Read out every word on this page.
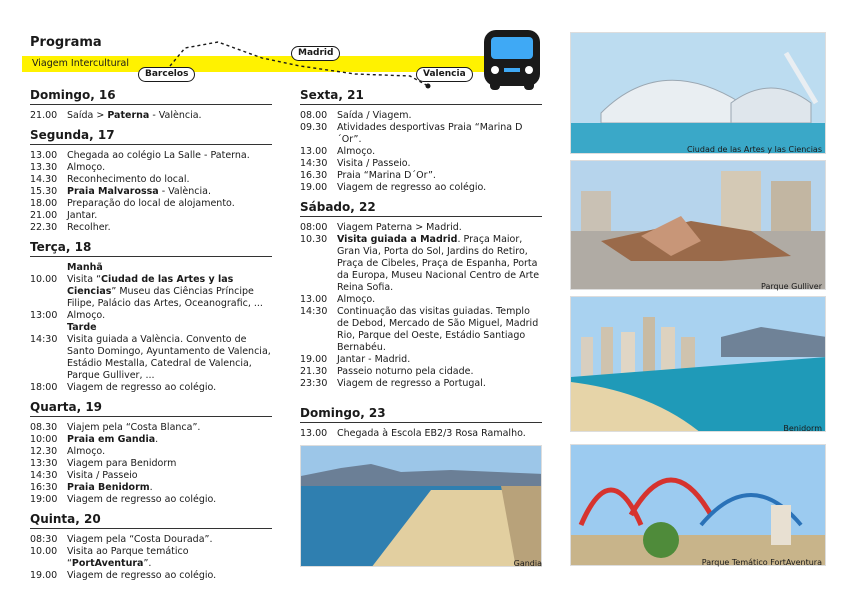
Programa
Viagem Intercultural
Barcelos
Madrid
Valencia
Domingo, 16
21.00	Saída > Paterna - València.
Segunda, 17
13.00	Chegada ao colégio La Salle - Paterna.
13.30	Almoço.
14.30	Reconhecimento do local.
15.30	Praia Malvarossa - València.
18.00	Preparação do local de alojamento.
21.00	Jantar.
22.30	Recolher.
Terça, 18
Manhã
10.00	Visita “Ciudad de las Artes y las Ciencias” Museu das Ciências Príncipe Filipe, Palácio das Artes, Oceanografic, ...
13:00	Almoço.
Tarde
14:30	Visita guiada a València. Convento de Santo Domingo, Ayuntamento de Valencia, Estádio Mestalla, Catedral de Valencia, Parque Gulliver, ...
18:00	Viagem de regresso ao colégio.
Quarta, 19
08.30	Viajem pela “Costa Blanca”.
10:00	Praia em Gandia.
12.30	Almoço.
13:30	Viagem para Benidorm
14:30	Visita / Passeio
16:30	Praia Benidorm.
19:00	Viagem de regresso ao colégio.
Quinta, 20
08:30	Viagem pela “Costa Dourada”.
10.00	Visita ao Parque temático “PortAventura”.
19.00	Viagem de regresso ao colégio.
Sexta, 21
08.00	Saída / Viagem.
09.30	Atividades desportivas Praia “Marina D´Or”.
13.00	Almoço.
14:30	Visita / Passeio.
16.30	Praia “Marina D´Or”.
19.00	Viagem de regresso ao colégio.
Sábado, 22
08:00	Viagem Paterna > Madrid.
10.30	Visita guiada a Madrid. Praça Maior, Gran Via, Porta do Sol, Jardins do Retiro, Praça de Cibeles, Praça de Espanha, Porta da Europa, Museu Nacional Centro de Arte Reina Sofia.
13.00	Almoço.
14:30	Continuação das visitas guiadas. Templo de Debod, Mercado de São Miguel, Madrid Rio, Parque del Oeste, Estádio Santiago Bernabéu.
19.00	Jantar - Madrid.
21.30	Passeio noturno pela cidade.
23:30	Viagem de regresso a Portugal.
Domingo, 23
13.00	Chegada à Escola EB2/3 Rosa Ramalho.
Gandia
Ciudad de las Artes y las Ciencias
Parque Gulliver
Benidorm
Parque Temático FortAventura
